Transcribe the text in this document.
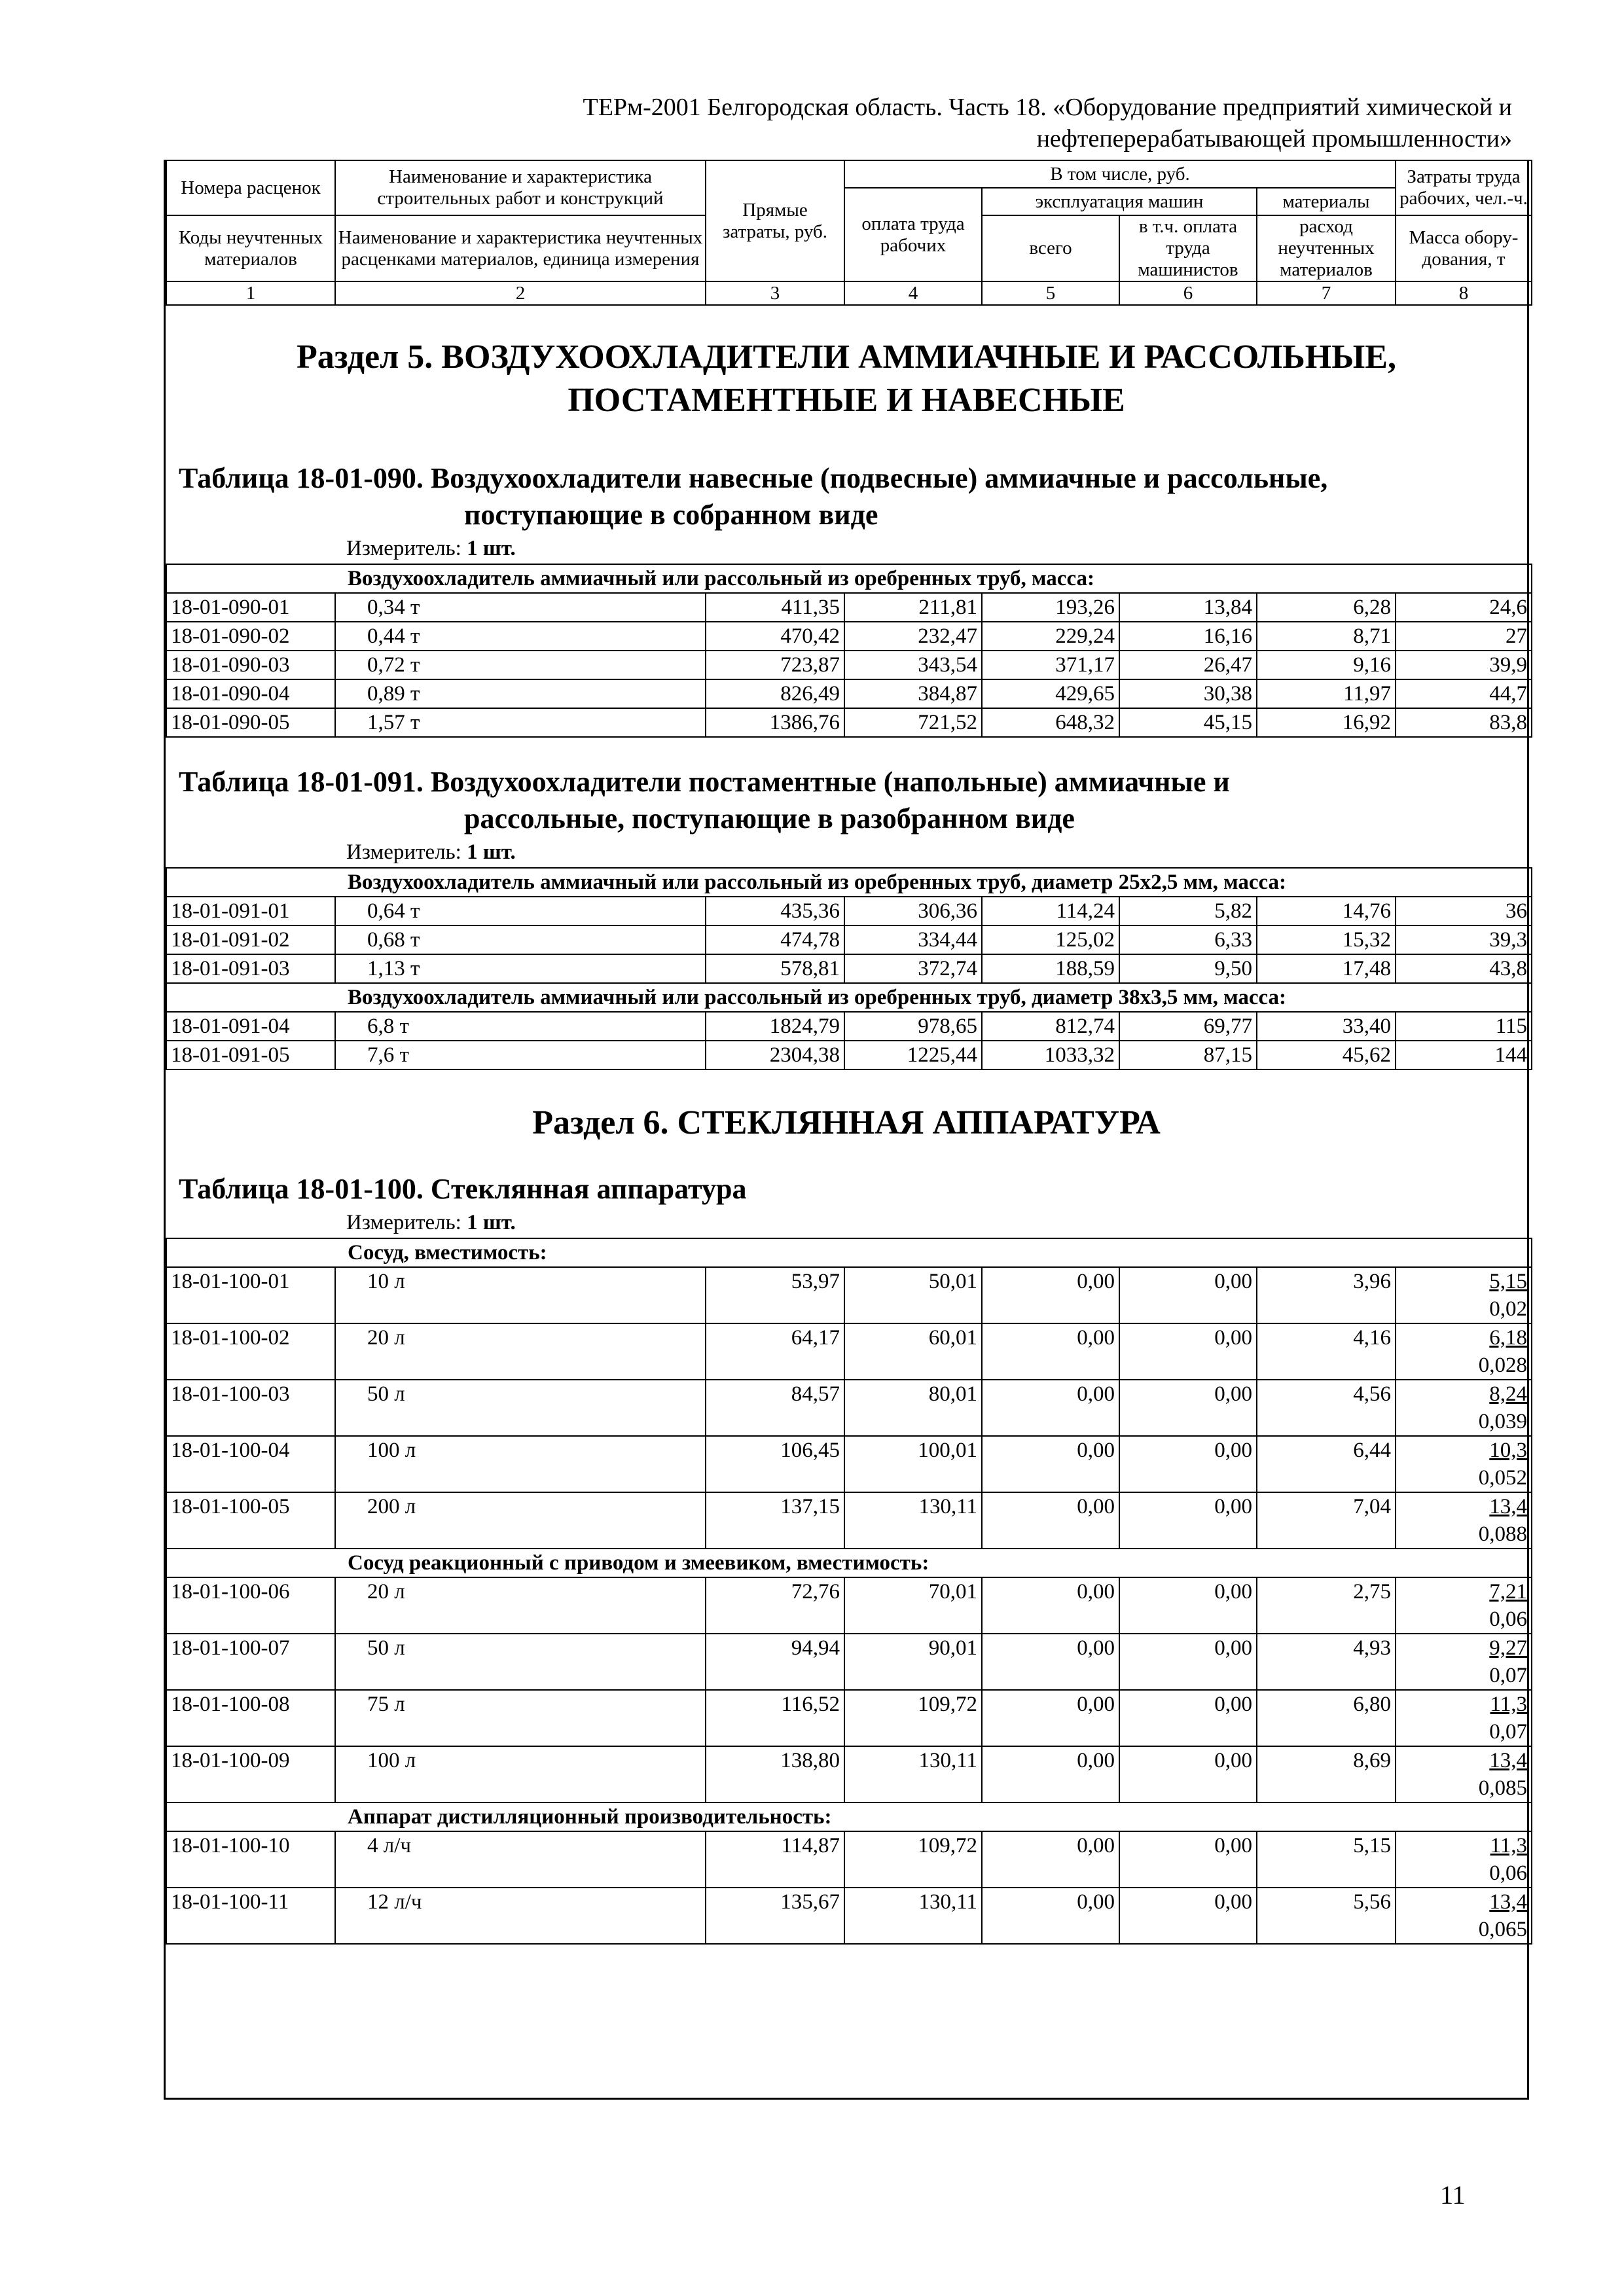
ТЕРм-2001 Белгородская область. Часть 18. «Оборудование предприятий химической и
нефтеперерабатывающей промышленности»
Номера расценок	Наименование и характеристика строительных работ и конструкций	Прямые затраты, руб.	В том числе, руб.				Затраты труда рабочих, чел.-ч.
			оплата труда рабочих	эксплуатация машин		материалы	
Коды неучтенных материалов	Наименование и характеристика неучтенных расценками материалов, единица измерения			всего	в т.ч. оплата труда машинистов	расход неучтенных материалов	
							Масса обору-дования, т
1	2	3	4	5	6	7	8

Раздел 5. ВОЗДУХООХЛАДИТЕЛИ АММИАЧНЫЕ И РАССОЛЬНЫЕ,
ПОСТАМЕНТНЫЕ И НАВЕСНЫЕ

Таблица 18-01-090. Воздухоохладители навесные (подвесные) аммиачные и рассольные,
поступающие в собранном виде

Измеритель: 1 шт.
Воздухоохладитель аммиачный или рассольный из оребренных труб, масса:							
18-01-090-01	0,34 т	411,35	211,81	193,26	13,84	6,28	24,6
18-01-090-02	0,44 т	470,42	232,47	229,24	16,16	8,71	27
18-01-090-03	0,72 т	723,87	343,54	371,17	26,47	9,16	39,9
18-01-090-04	0,89 т	826,49	384,87	429,65	30,38	11,97	44,7
18-01-090-05	1,57 т	1386,76	721,52	648,32	45,15	16,92	83,8

Таблица 18-01-091. Воздухоохладители постаментные (напольные) аммиачные и
рассольные, поступающие в разобранном виде

Измеритель: 1 шт.
Воздухоохладитель аммиачный или рассольный из оребренных труб, диаметр 25х2,5 мм, масса:							
18-01-091-01	0,64 т	435,36	306,36	114,24	5,82	14,76	36
18-01-091-02	0,68 т	474,78	334,44	125,02	6,33	15,32	39,3
18-01-091-03	1,13 т	578,81	372,74	188,59	9,50	17,48	43,8
Воздухоохладитель аммиачный или рассольный из оребренных труб, диаметр 38х3,5 мм, масса:							
18-01-091-04	6,8 т	1824,79	978,65	812,74	69,77	33,40	115
18-01-091-05	7,6 т	2304,38	1225,44	1033,32	87,15	45,62	144

Раздел 6. СТЕКЛЯННАЯ АППАРАТУРА

Таблица 18-01-100. Стеклянная аппаратура

Измеритель: 1 шт.
Сосуд, вместимость:							
18-01-100-01	10 л	53,97	50,01	0,00	0,00	3,96	5,15
0,02
18-01-100-02	20 л	64,17	60,01	0,00	0,00	4,16	6,18
0,028
18-01-100-03	50 л	84,57	80,01	0,00	0,00	4,56	8,24
0,039
18-01-100-04	100 л	106,45	100,01	0,00	0,00	6,44	10,3
0,052
18-01-100-05	200 л	137,15	130,11	0,00	0,00	7,04	13,4
0,088
Сосуд реакционный с приводом и змеевиком, вместимость:							
18-01-100-06	20 л	72,76	70,01	0,00	0,00	2,75	7,21
0,06
18-01-100-07	50 л	94,94	90,01	0,00	0,00	4,93	9,27
0,07
18-01-100-08	75 л	116,52	109,72	0,00	0,00	6,80	11,3
0,07
18-01-100-09	100 л	138,80	130,11	0,00	0,00	8,69	13,4
0,085
Аппарат дистилляционный производительность:							
18-01-100-10	4 л/ч	114,87	109,72	0,00	0,00	5,15	11,3
0,06
18-01-100-11	12 л/ч	135,67	130,11	0,00	0,00	5,56	13,4
0,065
11
